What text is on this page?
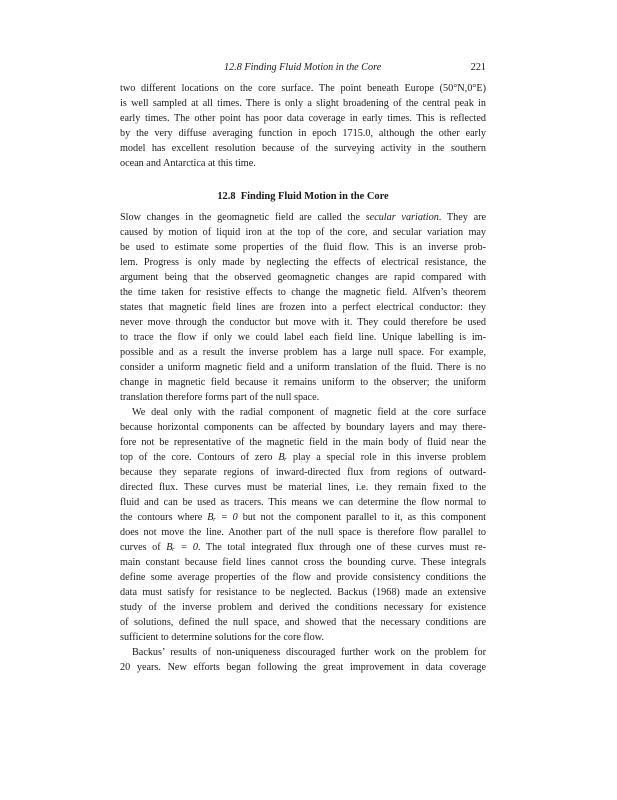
12.8 Finding Fluid Motion in the Core	221
two different locations on the core surface. The point beneath Europe (50°N,0°E)
is well sampled at all times. There is only a slight broadening of the central peak in
early times. The other point has poor data coverage in early times. This is reflected
by the very diffuse averaging function in epoch 1715.0, although the other early
model has excellent resolution because of the surveying activity in the southern
ocean and Antarctica at this time.
12.8 Finding Fluid Motion in the Core
Slow changes in the geomagnetic field are called the secular variation. They are
caused by motion of liquid iron at the top of the core, and secular variation may
be used to estimate some properties of the fluid flow. This is an inverse prob-
lem. Progress is only made by neglecting the effects of electrical resistance, the
argument being that the observed geomagnetic changes are rapid compared with
the time taken for resistive effects to change the magnetic field. Alfven’s theorem
states that magnetic field lines are frozen into a perfect electrical conductor: they
never move through the conductor but move with it. They could therefore be used
to trace the flow if only we could label each field line. Unique labelling is im-
possible and as a result the inverse problem has a large null space. For example,
consider a uniform magnetic field and a uniform translation of the fluid. There is no
change in magnetic field because it remains uniform to the observer; the uniform
translation therefore forms part of the null space.
We deal only with the radial component of magnetic field at the core surface
because horizontal components can be affected by boundary layers and may there-
fore not be representative of the magnetic field in the main body of fluid near the
top of the core. Contours of zero Bᵣ play a special role in this inverse problem
because they separate regions of inward-directed flux from regions of outward-
directed flux. These curves must be material lines, i.e. they remain fixed to the
fluid and can be used as tracers. This means we can determine the flow normal to
the contours where Bᵣ = 0 but not the component parallel to it, as this component
does not move the line. Another part of the null space is therefore flow parallel to
curves of Bᵣ = 0. The total integrated flux through one of these curves must re-
main constant because field lines cannot cross the bounding curve. These integrals
define some average properties of the flow and provide consistency conditions the
data must satisfy for resistance to be neglected. Backus (1968) made an extensive
study of the inverse problem and derived the conditions necessary for existence
of solutions, defined the null space, and showed that the necessary conditions are
sufficient to determine solutions for the core flow.
Backus’ results of non-uniqueness discouraged further work on the problem for
20 years. New efforts began following the great improvement in data coverage
